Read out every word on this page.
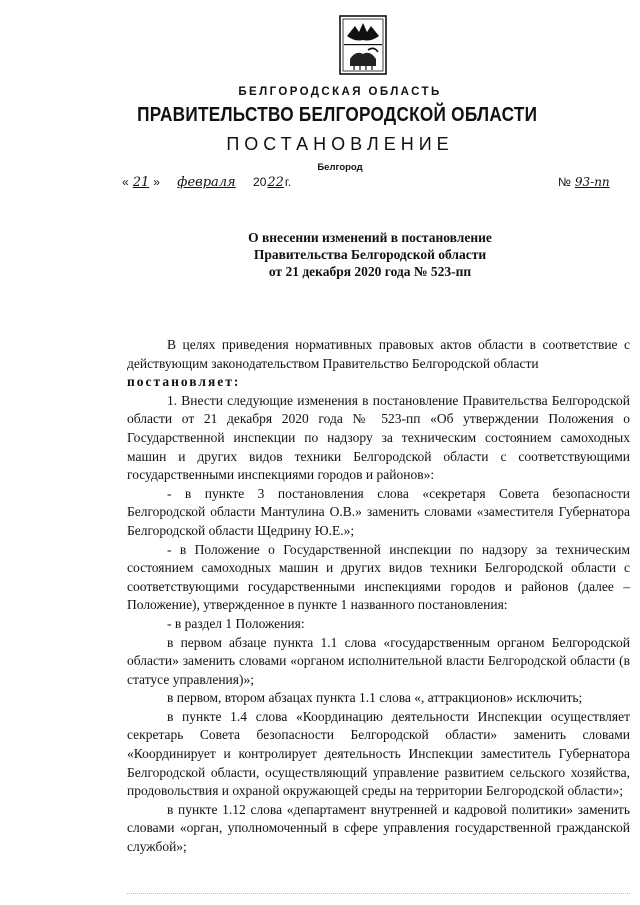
БЕЛГОРОДСКАЯ ОБЛАСТЬ
ПРАВИТЕЛЬСТВО БЕЛГОРОДСКОЙ ОБЛАСТИ
ПОСТАНОВЛЕНИЕ
Белгород
« 21 » февраля 2022г.	№ 93-пп
О внесении изменений в постановление
Правительства Белгородской области
от 21 декабря 2020 года № 523-пп

В целях приведения нормативных правовых актов области в соответствие с действующим законодательством Правительство Белгородской области

постановляет:

1. Внести следующие изменения в постановление Правительства Белгородской области от 21 декабря 2020 года № 523-пп «Об утверждении Положения о Государственной инспекции по надзору за техническим состоянием самоходных машин и других видов техники Белгородской области с соответствующими государственными инспекциями городов и районов»:

- в пункте 3 постановления слова «секретаря Совета безопасности Белгородской области Мантулина О.В.» заменить словами «заместителя Губернатора Белгородской области Щедрину Ю.Е.»;

- в Положение о Государственной инспекции по надзору за техническим состоянием самоходных машин и других видов техники Белгородской области с соответствующими государственными инспекциями городов и районов (далее – Положение), утвержденное в пункте 1 названного постановления:

- в раздел 1 Положения:

в первом абзаце пункта 1.1 слова «государственным органом Белгородской области» заменить словами «органом исполнительной власти Белгородской области (в статусе управления)»;

в первом, втором абзацах пункта 1.1 слова «, аттракционов» исключить;

в пункте 1.4 слова «Координацию деятельности Инспекции осуществляет секретарь Совета безопасности Белгородской области» заменить словами «Координирует и контролирует деятельность Инспекции заместитель Губернатора Белгородской области, осуществляющий управление развитием сельского хозяйства, продовольствия и охраной окружающей среды на территории Белгородской области»;

в пункте 1.12 слова «департамент внутренней и кадровой политики» заменить словами «орган, уполномоченный в сфере управления государственной гражданской службой»;
